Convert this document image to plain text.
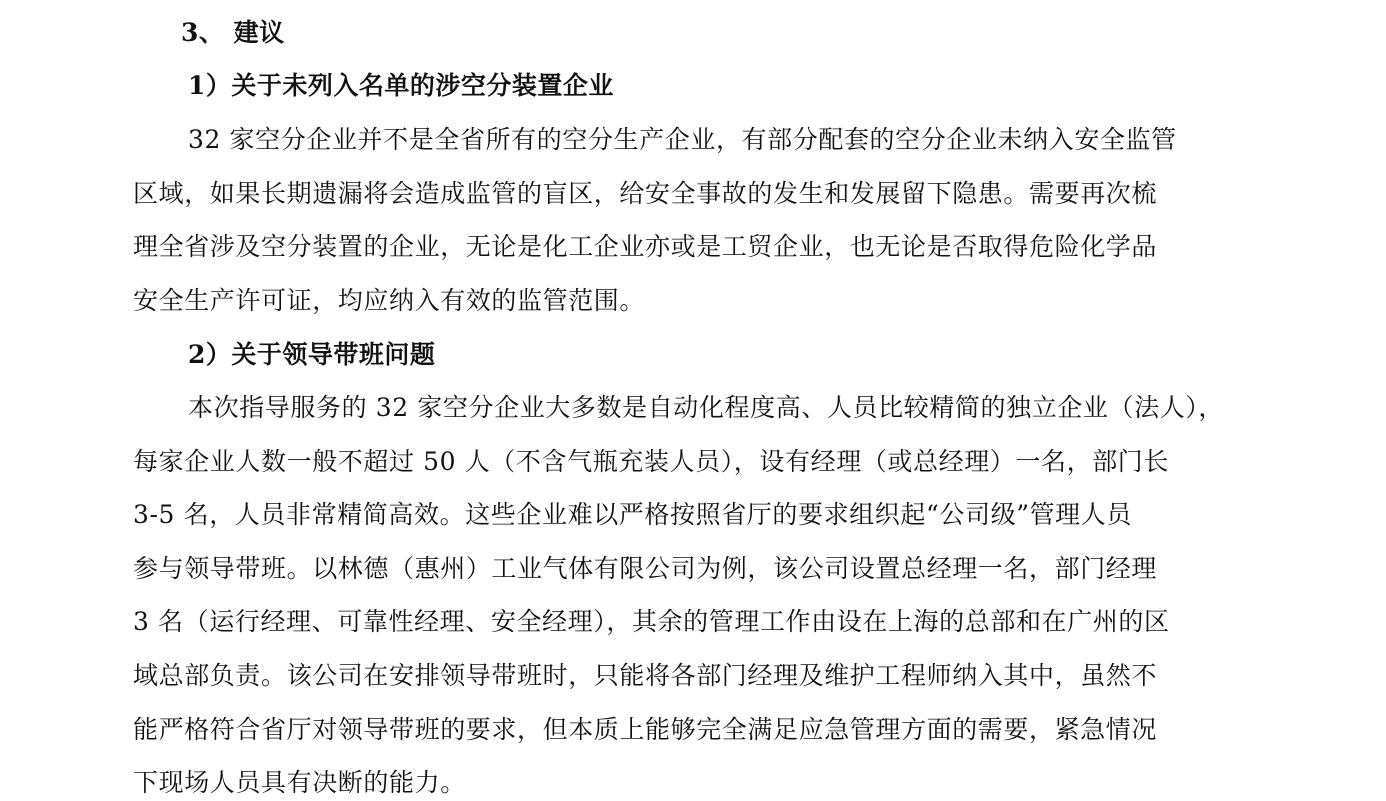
3、 建议
1）关于未列入名单的涉空分装置企业
32 家空分企业并不是全省所有的空分生产企业，有部分配套的空分企业未纳入安全监管
区域，如果长期遗漏将会造成监管的盲区，给安全事故的发生和发展留下隐患。需要再次梳
理全省涉及空分装置的企业，无论是化工企业亦或是工贸企业，也无论是否取得危险化学品
安全生产许可证，均应纳入有效的监管范围。
2）关于领导带班问题
本次指导服务的 32 家空分企业大多数是自动化程度高、人员比较精简的独立企业（法人），
每家企业人数一般不超过 50 人（不含气瓶充装人员），设有经理（或总经理）一名，部门长
3-5 名，人员非常精简高效。这些企业难以严格按照省厅的要求组织起“公司级”管理人员
参与领导带班。以林德（惠州）工业气体有限公司为例，该公司设置总经理一名，部门经理
3 名（运行经理、可靠性经理、安全经理），其余的管理工作由设在上海的总部和在广州的区
域总部负责。该公司在安排领导带班时，只能将各部门经理及维护工程师纳入其中，虽然不
能严格符合省厅对领导带班的要求，但本质上能够完全满足应急管理方面的需要，紧急情况
下现场人员具有决断的能力。
